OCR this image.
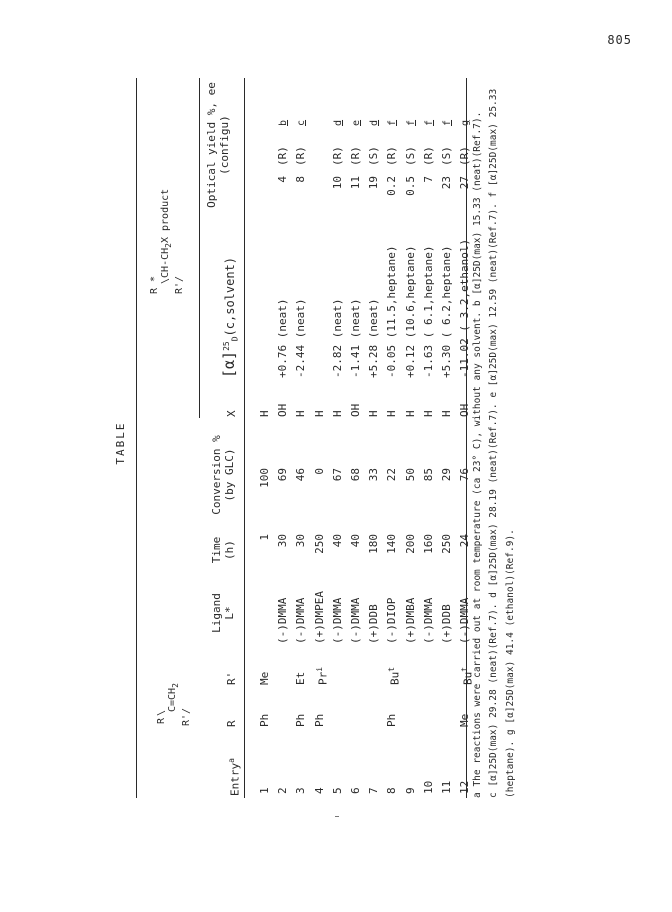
805
TABLE
R\
$C=CH_2$
R'/
R* $\backslash CH-CH_2X$ product
R'/
Entry$^a$
R
R'
Ligand L*
Time (h)
Conversion % (by GLC)
X
$[\alpha]^{25}_D(c,solvent)$
Optical yield %, ee (configu)
1
Ph
Me
1
100
H
2
(-)DMMA
30
69
OH
+0.76 (neat)
4
(R)
b
3
Ph
Et
(-)DMMA
30
46
H
-2.44 (neat)
8
(R)
c
4
Ph
Pr$^i$
(+)DMPEA
250
0
H
5
(-)DMMA
40
67
H
-2.82 (neat)
10
(R)
d
6
(-)DMMA
40
68
OH
-1.41 (neat)
11
(R)
e
7
(+)DDB
180
33
H
+5.28 (neat)
19
(S)
d
8
Ph
Bu$^t$
(-)DIOP
140
22
H
-0.05 (11.5,heptane)
0.2
(R)
f
9
(+)DMBA
200
50
H
+0.12 (10.6,heptane)
0.5
(S)
f
10
(-)DMMA
160
85
H
-1.63 ( 6.1,heptane)
7
(R)
f
11
(+)DDB
250
29
H
+5.30 ( 6.2,heptane)
23
(S)
f
12
Me
Bu$^t$
(-)DMMA
24
76
OH
-11.02 ( 3.2,ethanol)
27
(R)
g a The reactions were carried out at room temperature (ca 23° C), without any solvent. b [α]25D(max) 15.33 (neat)(Ref.7). c [α]25D(max) 29.28 (neat)(Ref.7). d [α]25D(max) 28.19 (neat)(Ref.7). e [α]25D(max) 12.59 (neat)(Ref.7). f [α]25D(max) 25.33 (heptane). g [α]25D(max) 41.4 (ethanol)(Ref.9).
